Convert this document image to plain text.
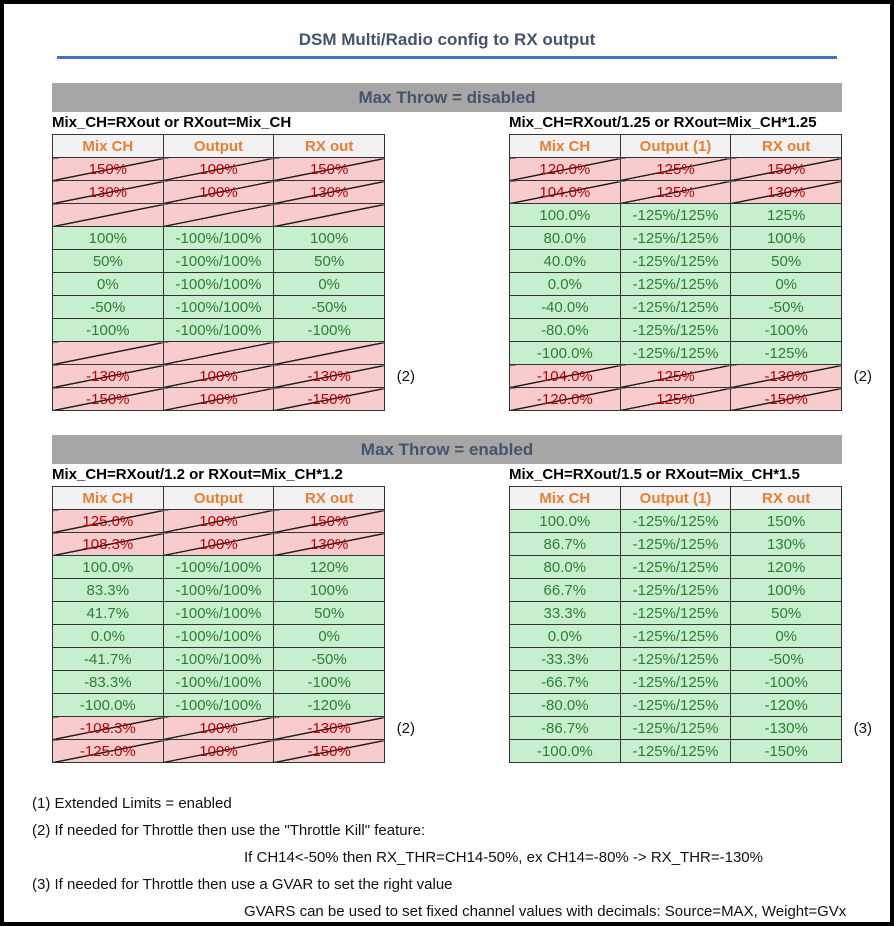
DSM Multi/Radio config to RX output
Max Throw = disabled
Mix_CH=RXout or RXout=Mix_CH
Mix CH	Output	RX out
150%	100%	150%
130%	100%	130%

100%	-100%/100%	100%
50%	-100%/100%	50%
0%	-100%/100%	0%
-50%	-100%/100%	-50%
-100%	-100%/100%	-100%

-130%	100%	-130%
-150%	100%	-150%
(2)
Mix_CH=RXout/1.25 or RXout=Mix_CH*1.25
Mix CH	Output (1)	RX out
120.0%	125%	150%
104.0%	125%	130%
100.0%	-125%/125%	125%
80.0%	-125%/125%	100%
40.0%	-125%/125%	50%
0.0%	-125%/125%	0%
-40.0%	-125%/125%	-50%
-80.0%	-125%/125%	-100%
-100.0%	-125%/125%	-125%
-104.0%	125%	-130%
-120.0%	125%	-150%
(2)
Max Throw = enabled
Mix_CH=RXout/1.2 or RXout=Mix_CH*1.2
Mix CH	Output	RX out
125.0%	100%	150%
108.3%	100%	130%
100.0%	-100%/100%	120%
83.3%	-100%/100%	100%
41.7%	-100%/100%	50%
0.0%	-100%/100%	0%
-41.7%	-100%/100%	-50%
-83.3%	-100%/100%	-100%
-100.0%	-100%/100%	-120%
-108.3%	100%	-130%
-125.0%	100%	-150%
(2)
Mix_CH=RXout/1.5 or RXout=Mix_CH*1.5
Mix CH	Output (1)	RX out
100.0%	-125%/125%	150%
86.7%	-125%/125%	130%
80.0%	-125%/125%	120%
66.7%	-125%/125%	100%
33.3%	-125%/125%	50%
0.0%	-125%/125%	0%
-33.3%	-125%/125%	-50%
-66.7%	-125%/125%	-100%
-80.0%	-125%/125%	-120%
-86.7%	-125%/125%	-130%
-100.0%	-125%/125%	-150%
(3)
(1) Extended Limits = enabled
(2) If needed for Throttle then use the "Throttle Kill" feature:
If CH14<-50% then RX_THR=CH14-50%, ex CH14=-80% -> RX_THR=-130%
(3) If needed for Throttle then use a GVAR to set the right value
GVARS can be used to set fixed channel values with decimals: Source=MAX, Weight=GVx
